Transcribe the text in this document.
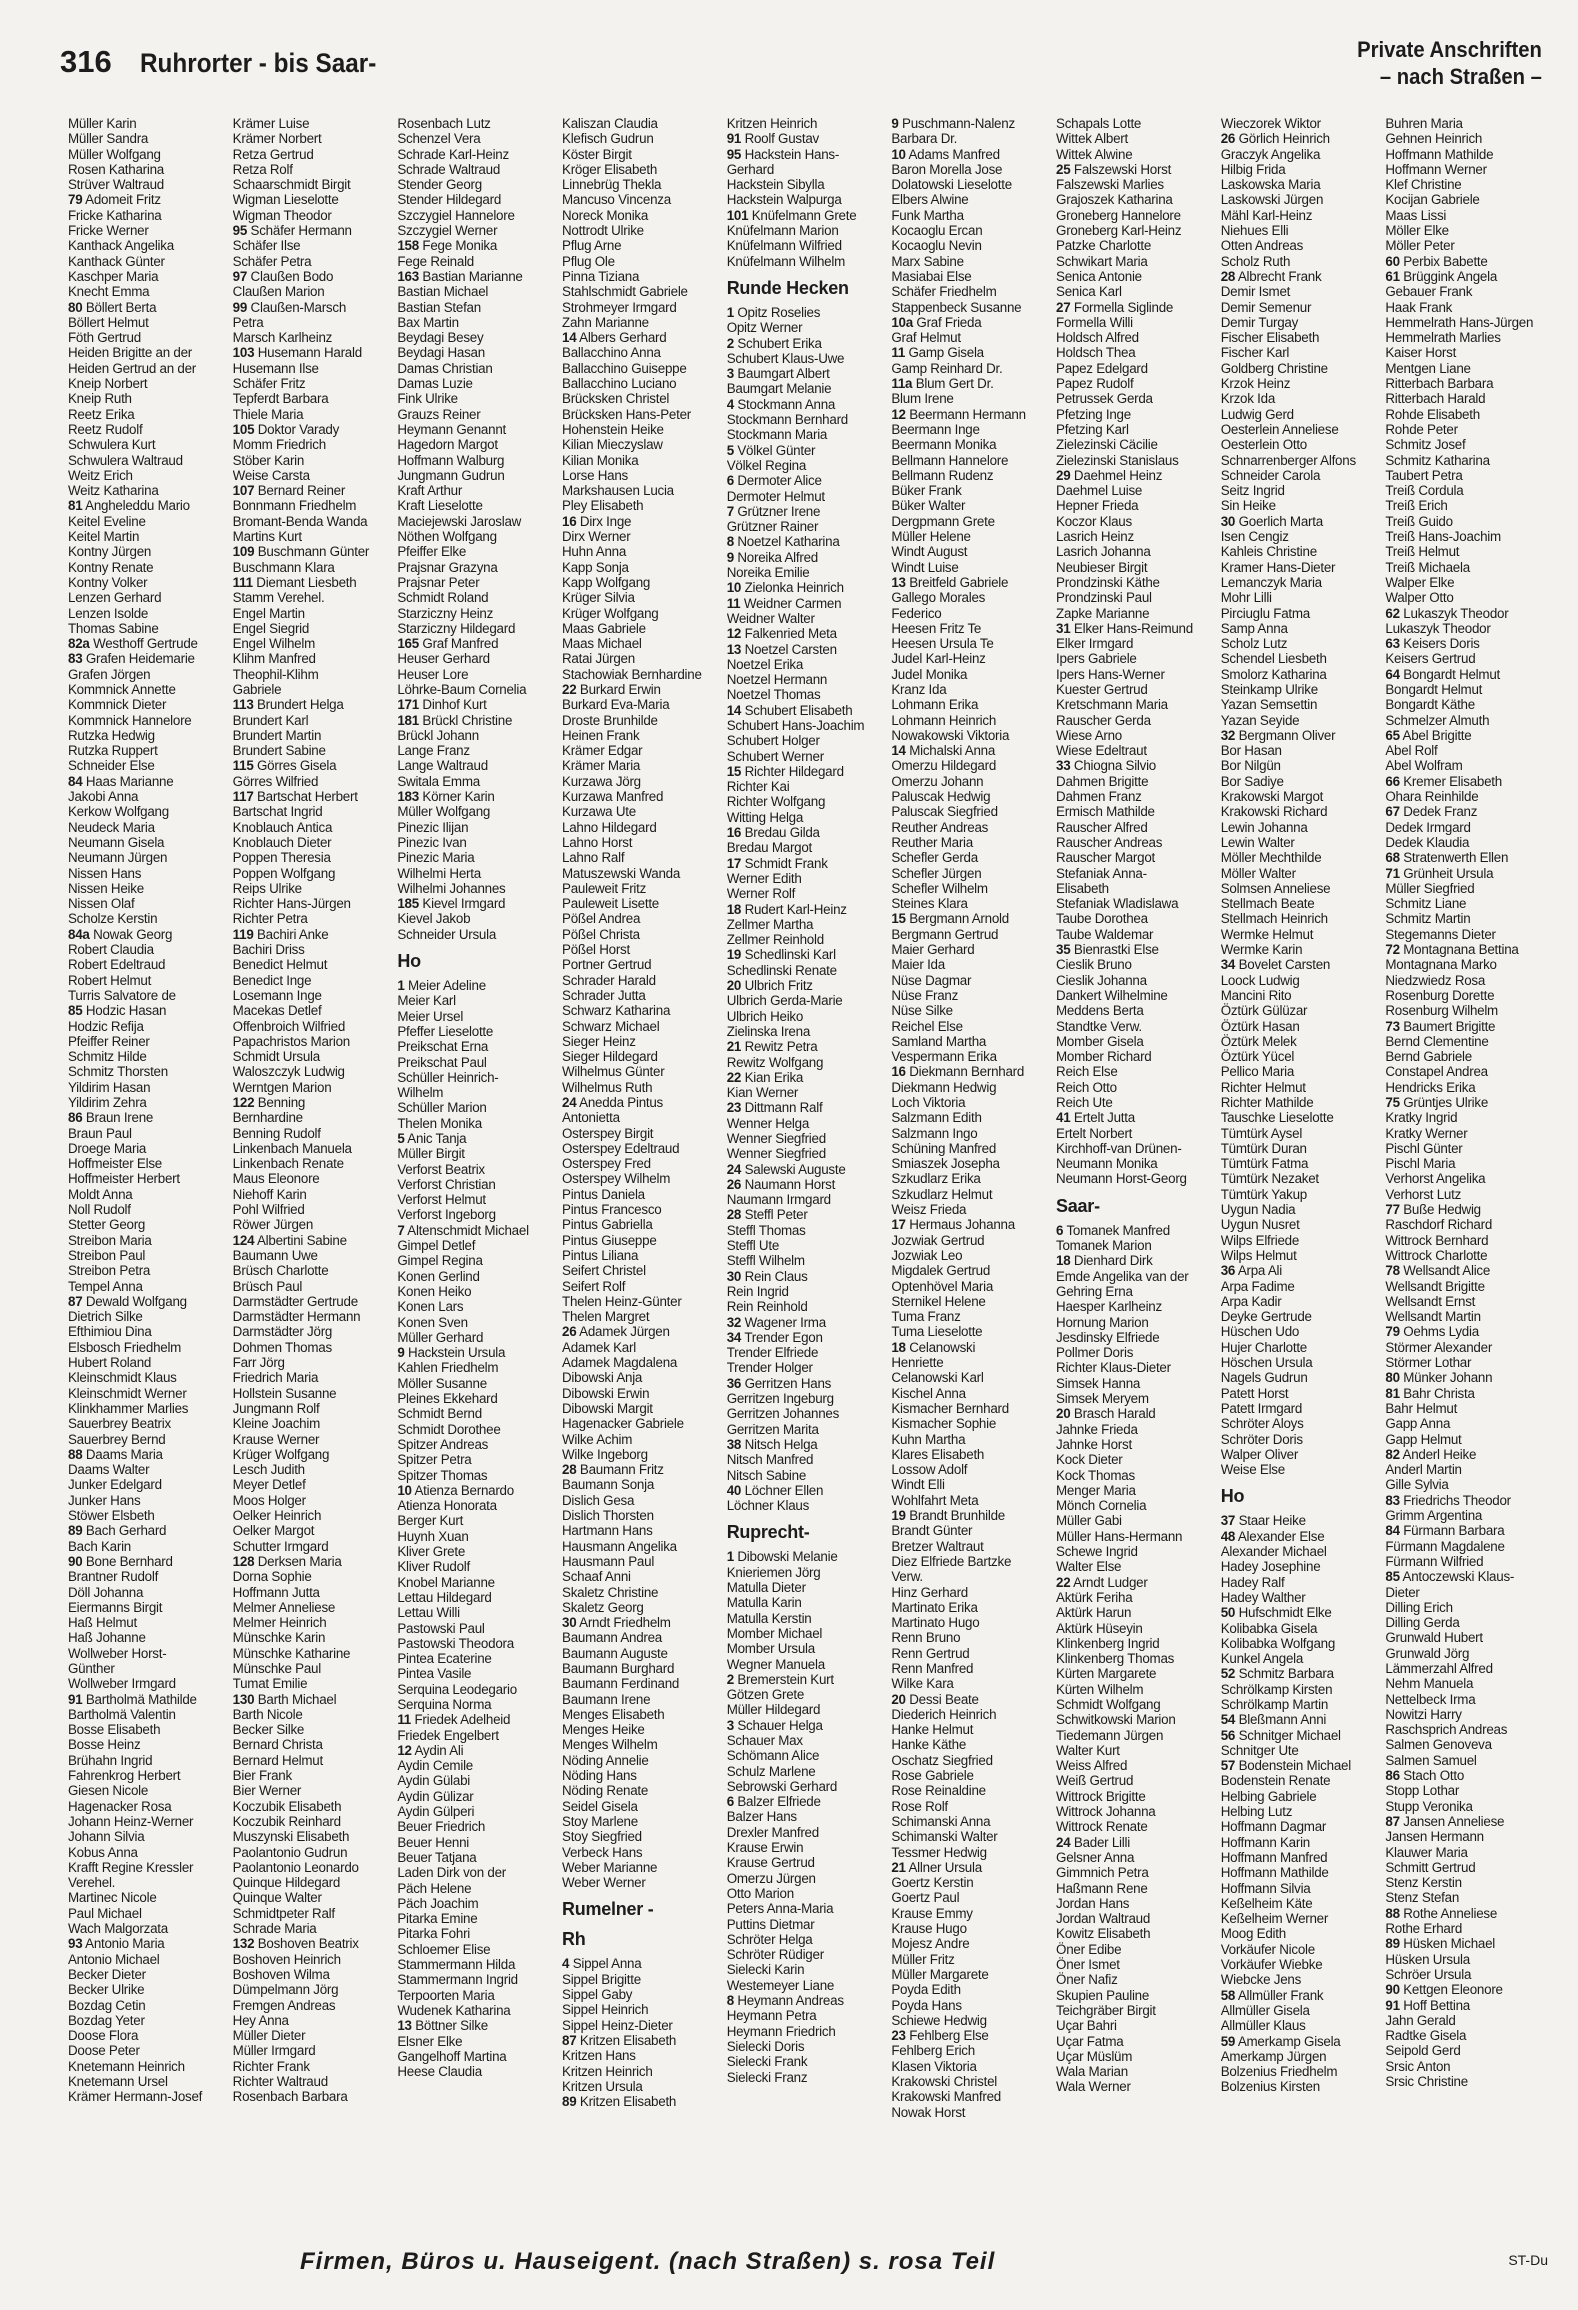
316 Ruhrorter - bis Saar-	Private Anschriften
– nach Straßen –
Müller Karin
Müller Sandra
Müller Wolfgang
Rosen Katharina
Strüver Waltraud
79 Adomeit Fritz
Fricke Katharina
Fricke Werner
Kanthack Angelika
Kanthack Günter
Kaschper Maria
Knecht Emma
80 Böllert Berta
Böllert Helmut
Föth Gertrud
Heiden Brigitte an der
Heiden Gertrud an der
Kneip Norbert
Kneip Ruth
Reetz Erika
Reetz Rudolf
Schwulera Kurt
Schwulera Waltraud
Weitz Erich
Weitz Katharina
81 Angheleddu Mario
Keitel Eveline
Keitel Martin
Kontny Jürgen
Kontny Renate
Kontny Volker
Lenzen Gerhard
Lenzen Isolde
Thomas Sabine
82a Westhoff Gertrude
83 Grafen Heidemarie
Grafen Jörgen
Kommnick Annette
Kommnick Dieter
Kommnick Hannelore
Rutzka Hedwig
Rutzka Ruppert
Schneider Else
84 Haas Marianne
Jakobi Anna
Kerkow Wolfgang
Neudeck Maria
Neumann Gisela
Neumann Jürgen
Nissen Hans
Nissen Heike
Nissen Olaf
Scholze Kerstin
84a Nowak Georg
Robert Claudia
Robert Edeltraud
Robert Helmut
Turris Salvatore de
85 Hodzic Hasan
Hodzic Refija
Pfeiffer Reiner
Schmitz Hilde
Schmitz Thorsten
Yildirim Hasan
Yildirim Zehra
86 Braun Irene
Braun Paul
Droege Maria
Hoffmeister Else
Hoffmeister Herbert
Moldt Anna
Noll Rudolf
Stetter Georg
Streibon Maria
Streibon Paul
Streibon Petra
Tempel Anna
87 Dewald Wolfgang
Dietrich Silke
Efthimiou Dina
Elsbosch Friedhelm
Hubert Roland
Kleinschmidt Klaus
Kleinschmidt Werner
Klinkhammer Marlies
Sauerbrey Beatrix
Sauerbrey Bernd
88 Daams Maria
Daams Walter
Junker Edelgard
Junker Hans
Stöwer Elsbeth
89 Bach Gerhard
Bach Karin
90 Bone Bernhard
Brantner Rudolf
Döll Johanna
Eiermanns Birgit
Haß Helmut
Haß Johanne
Wollweber Horst-
Günther
Wollweber Irmgard
91 Bartholmä Mathilde
Bartholmä Valentin
Bosse Elisabeth
Bosse Heinz
Brühahn Ingrid
Fahrenkrog Herbert
Giesen Nicole
Hagenacker Rosa
Johann Heinz-Werner
Johann Silvia
Kobus Anna
Krafft Regine Kressler
Verehel.
Martinec Nicole
Paul Michael
Wach Malgorzata
93 Antonio Maria
Antonio Michael
Becker Dieter
Becker Ulrike
Bozdag Cetin
Bozdag Yeter
Doose Flora
Doose Peter
Knetemann Heinrich
Knetemann Ursel
Krämer Hermann-Josef
Krämer Luise
Krämer Norbert
Retza Gertrud
Retza Rolf
Schaarschmidt Birgit
Wigman Lieselotte
Wigman Theodor
95 Schäfer Hermann
Schäfer Ilse
Schäfer Petra
97 Claußen Bodo
Claußen Marion
99 Claußen-Marsch
Petra
Marsch Karlheinz
103 Husemann Harald
Husemann Ilse
Schäfer Fritz
Tepferdt Barbara
Thiele Maria
105 Doktor Varady
Momm Friedrich
Stöber Karin
Weise Carsta
107 Bernard Reiner
Bonnmann Friedhelm
Bromant-Benda Wanda
Martins Kurt
109 Buschmann Günter
Buschmann Klara
111 Diemant Liesbeth
Stamm Verehel.
Engel Martin
Engel Siegrid
Engel Wilhelm
Klihm Manfred
Theophil-Klihm
Gabriele
113 Brundert Helga
Brundert Karl
Brundert Martin
Brundert Sabine
115 Görres Gisela
Görres Wilfried
117 Bartschat Herbert
Bartschat Ingrid
Knoblauch Antica
Knoblauch Dieter
Poppen Theresia
Poppen Wolfgang
Reips Ulrike
Richter Hans-Jürgen
Richter Petra
119 Bachiri Anke
Bachiri Driss
Benedict Helmut
Benedict Inge
Losemann Inge
Macekas Detlef
Offenbroich Wilfried
Papachristos Marion
Schmidt Ursula
Waloszczyk Ludwig
Werntgen Marion
122 Benning
Bernhardine
Benning Rudolf
Linkenbach Manuela
Linkenbach Renate
Maus Eleonore
Niehoff Karin
Pohl Wilfried
Röwer Jürgen
124 Albertini Sabine
Baumann Uwe
Brüsch Charlotte
Brüsch Paul
Darmstädter Gertrude
Darmstädter Hermann
Darmstädter Jörg
Dohmen Thomas
Farr Jörg
Friedrich Maria
Hollstein Susanne
Jungmann Rolf
Kleine Joachim
Krause Werner
Krüger Wolfgang
Lesch Judith
Meyer Detlef
Moos Holger
Oelker Heinrich
Oelker Margot
Schutter Irmgard
128 Derksen Maria
Dorna Sophie
Hoffmann Jutta
Melmer Anneliese
Melmer Heinrich
Münschke Karin
Münschke Katharine
Münschke Paul
Tumat Emilie
130 Barth Michael
Barth Nicole
Becker Silke
Bernard Christa
Bernard Helmut
Bier Frank
Bier Werner
Koczubik Elisabeth
Koczubik Reinhard
Muszynski Elisabeth
Paolantonio Gudrun
Paolantonio Leonardo
Quinque Hildegard
Quinque Walter
Schmidtpeter Ralf
Schrade Maria
132 Boshoven Beatrix
Boshoven Heinrich
Boshoven Wilma
Dümpelmann Jörg
Fremgen Andreas
Hey Anna
Müller Dieter
Müller Irmgard
Richter Frank
Richter Waltraud
Rosenbach Barbara
Rosenbach Lutz
Schenzel Vera
Schrade Karl-Heinz
Schrade Waltraud
Stender Georg
Stender Hildegard
Szczygiel Hannelore
Szczygiel Werner
158 Fege Monika
Fege Reinald
163 Bastian Marianne
Bastian Michael
Bastian Stefan
Bax Martin
Beydagi Besey
Beydagi Hasan
Damas Christian
Damas Luzie
Fink Ulrike
Grauzs Reiner
Heymann Genannt
Hagedorn Margot
Hoffmann Walburg
Jungmann Gudrun
Kraft Arthur
Kraft Lieselotte
Maciejewski Jaroslaw
Nöthen Wolfgang
Pfeiffer Elke
Prajsnar Grazyna
Prajsnar Peter
Schmidt Roland
Starziczny Heinz
Starziczny Hildegard
165 Graf Manfred
Heuser Gerhard
Heuser Lore
Löhrke-Baum Cornelia
171 Dinhof Kurt
181 Brückl Christine
Brückl Johann
Lange Franz
Lange Waltraud
Switala Emma
183 Körner Karin
Müller Wolfgang
Pinezic Ilijan
Pinezic Ivan
Pinezic Maria
Wilhelmi Herta
Wilhelmi Johannes
185 Kievel Irmgard
Kievel Jakob
Schneider Ursula
Ho
1 Meier Adeline
Meier Karl
Meier Ursel
Pfeffer Lieselotte
Preikschat Erna
Preikschat Paul
Schüller Heinrich-
Wilhelm
Schüller Marion
Thelen Monika
5 Anic Tanja
Müller Birgit
Verforst Beatrix
Verforst Christian
Verforst Helmut
Verforst Ingeborg
7 Altenschmidt Michael
Gimpel Detlef
Gimpel Regina
Konen Gerlind
Konen Heiko
Konen Lars
Konen Sven
Müller Gerhard
9 Hackstein Ursula
Kahlen Friedhelm
Möller Susanne
Pleines Ekkehard
Schmidt Bernd
Schmidt Dorothee
Spitzer Andreas
Spitzer Petra
Spitzer Thomas
10 Atienza Bernardo
Atienza Honorata
Berger Kurt
Huynh Xuan
Kliver Grete
Kliver Rudolf
Knobel Marianne
Lettau Hildegard
Lettau Willi
Pastowski Paul
Pastowski Theodora
Pintea Ecaterine
Pintea Vasile
Serquina Leodegario
Serquina Norma
11 Friedek Adelheid
Friedek Engelbert
12 Aydin Ali
Aydin Cemile
Aydin Gülabi
Aydin Gülizar
Aydin Gülperi
Beuer Friedrich
Beuer Henni
Beuer Tatjana
Laden Dirk von der
Päch Helene
Päch Joachim
Pitarka Emine
Pitarka Fohri
Schloemer Elise
Stammermann Hilda
Stammermann Ingrid
Terpoorten Maria
Wudenek Katharina
13 Böttner Silke
Elsner Elke
Gangelhoff Martina
Heese Claudia
Kaliszan Claudia
Klefisch Gudrun
Köster Birgit
Kröger Elisabeth
Linnebrüg Thekla
Mancuso Vincenza
Noreck Monika
Nottrodt Ulrike
Pflug Arne
Pflug Ole
Pinna Tiziana
Stahlschmidt Gabriele
Strohmeyer Irmgard
Zahn Marianne
14 Albers Gerhard
Ballacchino Anna
Ballacchino Guiseppe
Ballacchino Luciano
Brücksken Christel
Brücksken Hans-Peter
Hohenstein Heike
Kilian Mieczyslaw
Kilian Monika
Lorse Hans
Markshausen Lucia
Pley Elisabeth
16 Dirx Inge
Dirx Werner
Huhn Anna
Kapp Sonja
Kapp Wolfgang
Krüger Silvia
Krüger Wolfgang
Maas Gabriele
Maas Michael
Ratai Jürgen
Stachowiak Bernhardine
22 Burkard Erwin
Burkard Eva-Maria
Droste Brunhilde
Heinen Frank
Krämer Edgar
Krämer Maria
Kurzawa Jörg
Kurzawa Manfred
Kurzawa Ute
Lahno Hildegard
Lahno Horst
Lahno Ralf
Matuszewski Wanda
Pauleweit Fritz
Pauleweit Lisette
Pößel Andrea
Pößel Christa
Pößel Horst
Portner Gertrud
Schrader Harald
Schrader Jutta
Schwarz Katharina
Schwarz Michael
Sieger Heinz
Sieger Hildegard
Wilhelmus Günter
Wilhelmus Ruth
24 Anedda Pintus
Antonietta
Osterspey Birgit
Osterspey Edeltraud
Osterspey Fred
Osterspey Wilhelm
Pintus Daniela
Pintus Francesco
Pintus Gabriella
Pintus Giuseppe
Pintus Liliana
Seifert Christel
Seifert Rolf
Thelen Heinz-Günter
Thelen Margret
26 Adamek Jürgen
Adamek Karl
Adamek Magdalena
Dibowski Anja
Dibowski Erwin
Dibowski Margit
Hagenacker Gabriele
Wilke Achim
Wilke Ingeborg
28 Baumann Fritz
Baumann Sonja
Dislich Gesa
Dislich Thorsten
Hartmann Hans
Hausmann Angelika
Hausmann Paul
Schaaf Anni
Skaletz Christine
Skaletz Georg
30 Arndt Friedhelm
Baumann Andrea
Baumann Auguste
Baumann Burghard
Baumann Ferdinand
Baumann Irene
Menges Elisabeth
Menges Heike
Menges Wilhelm
Nöding Annelie
Nöding Hans
Nöding Renate
Seidel Gisela
Stoy Marlene
Stoy Siegfried
Verbeck Hans
Weber Marianne
Weber Werner
Rumelner -
Rh
4 Sippel Anna
Sippel Brigitte
Sippel Gaby
Sippel Heinrich
Sippel Heinz-Dieter
87 Kritzen Elisabeth
Kritzen Hans
Kritzen Heinrich
Kritzen Ursula
89 Kritzen Elisabeth
Kritzen Heinrich
91 Roolf Gustav
95 Hackstein Hans-
Gerhard
Hackstein Sibylla
Hackstein Walpurga
101 Knüfelmann Grete
Knüfelmann Marion
Knüfelmann Wilfried
Knüfelmann Wilhelm
Runde Hecken
1 Opitz Roselies
Opitz Werner
2 Schubert Erika
Schubert Klaus-Uwe
3 Baumgart Albert
Baumgart Melanie
4 Stockmann Anna
Stockmann Bernhard
Stockmann Maria
5 Völkel Günter
Völkel Regina
6 Dermoter Alice
Dermoter Helmut
7 Grützner Irene
Grützner Rainer
8 Noetzel Katharina
9 Noreika Alfred
Noreika Emilie
10 Zielonka Heinrich
11 Weidner Carmen
Weidner Walter
12 Falkenried Meta
13 Noetzel Carsten
Noetzel Erika
Noetzel Hermann
Noetzel Thomas
14 Schubert Elisabeth
Schubert Hans-Joachim
Schubert Holger
Schubert Werner
15 Richter Hildegard
Richter Kai
Richter Wolfgang
Witting Helga
16 Bredau Gilda
Bredau Margot
17 Schmidt Frank
Werner Edith
Werner Rolf
18 Rudert Karl-Heinz
Zellmer Martha
Zellmer Reinhold
19 Schedlinski Karl
Schedlinski Renate
20 Ulbrich Fritz
Ulbrich Gerda-Marie
Ulbrich Heiko
Zielinska Irena
21 Rewitz Petra
Rewitz Wolfgang
22 Kian Erika
Kian Werner
23 Dittmann Ralf
Wenner Helga
Wenner Siegfried
Wenner Siegfried
24 Salewski Auguste
26 Naumann Horst
Naumann Irmgard
28 Steffl Peter
Steffl Thomas
Steffl Ute
Steffl Wilhelm
30 Rein Claus
Rein Ingrid
Rein Reinhold
32 Wagener Irma
34 Trender Egon
Trender Elfriede
Trender Holger
36 Gerritzen Hans
Gerritzen Ingeburg
Gerritzen Johannes
Gerritzen Marita
38 Nitsch Helga
Nitsch Manfred
Nitsch Sabine
40 Löchner Ellen
Löchner Klaus
Ruprecht-
1 Dibowski Melanie
Knieriemen Jörg
Matulla Dieter
Matulla Karin
Matulla Kerstin
Momber Michael
Momber Ursula
Wegner Manuela
2 Bremerstein Kurt
Götzen Grete
Müller Hildegard
3 Schauer Helga
Schauer Max
Schömann Alice
Schulz Marlene
Sebrowski Gerhard
6 Balzer Elfriede
Balzer Hans
Drexler Manfred
Krause Erwin
Krause Gertrud
Omerzu Jürgen
Otto Marion
Peters Anna-Maria
Puttins Dietmar
Schröter Helga
Schröter Rüdiger
Sielecki Karin
Westemeyer Liane
8 Heymann Andreas
Heymann Petra
Heymann Friedrich
Sielecki Doris
Sielecki Frank
Sielecki Franz
9 Puschmann-Nalenz
Barbara Dr.
10 Adams Manfred
Baron Morella Jose
Dolatowski Lieselotte
Elbers Alwine
Funk Martha
Kocaoglu Ercan
Kocaoglu Nevin
Marx Sabine
Masiabai Else
Schäfer Friedhelm
Stappenbeck Susanne
10a Graf Frieda
Graf Helmut
11 Gamp Gisela
Gamp Reinhard Dr.
11a Blum Gert Dr.
Blum Irene
12 Beermann Hermann
Beermann Inge
Beermann Monika
Bellmann Hannelore
Bellmann Rudenz
Büker Frank
Büker Walter
Dergpmann Grete
Müller Helene
Windt August
Windt Luise
13 Breitfeld Gabriele
Gallego Morales
Federico
Heesen Fritz Te
Heesen Ursula Te
Judel Karl-Heinz
Judel Monika
Kranz Ida
Lohmann Erika
Lohmann Heinrich
Nowakowski Viktoria
14 Michalski Anna
Omerzu Hildegard
Omerzu Johann
Paluscak Hedwig
Paluscak Siegfried
Reuther Andreas
Reuther Maria
Schefler Gerda
Schefler Jürgen
Schefler Wilhelm
Steines Klara
15 Bergmann Arnold
Bergmann Gertrud
Maier Gerhard
Maier Ida
Nüse Dagmar
Nüse Franz
Nüse Silke
Reichel Else
Samland Martha
Vespermann Erika
16 Diekmann Bernhard
Diekmann Hedwig
Loch Viktoria
Salzmann Edith
Salzmann Ingo
Schüning Manfred
Smiaszek Josepha
Szkudlarz Erika
Szkudlarz Helmut
Weisz Frieda
17 Hermaus Johanna
Jozwiak Gertrud
Jozwiak Leo
Migdalek Gertrud
Optenhövel Maria
Sternikel Helene
Tuma Franz
Tuma Lieselotte
18 Celanowski
Henriette
Celanowski Karl
Kischel Anna
Kismacher Bernhard
Kismacher Sophie
Kuhn Martha
Klares Elisabeth
Lossow Adolf
Windt Elli
Wohlfahrt Meta
19 Brandt Brunhilde
Brandt Günter
Bretzer Waltraut
Diez Elfriede Bartzke
Verw.
Hinz Gerhard
Martinato Erika
Martinato Hugo
Renn Bruno
Renn Gertrud
Renn Manfred
Wilke Kara
20 Dessi Beate
Diederich Heinrich
Hanke Helmut
Hanke Käthe
Oschatz Siegfried
Rose Gabriele
Rose Reinaldine
Rose Rolf
Schimanski Anna
Schimanski Walter
Tessmer Hedwig
21 Allner Ursula
Goertz Kerstin
Goertz Paul
Krause Emmy
Krause Hugo
Mojesz Andre
Müller Fritz
Müller Margarete
Poyda Edith
Poyda Hans
Schiewe Hedwig
23 Fehlberg Else
Fehlberg Erich
Klasen Viktoria
Krakowski Christel
Krakowski Manfred
Nowak Horst
Schapals Lotte
Wittek Albert
Wittek Alwine
25 Falszewski Horst
Falszewski Marlies
Grajoszek Katharina
Groneberg Hannelore
Groneberg Karl-Heinz
Patzke Charlotte
Schwikart Maria
Senica Antonie
Senica Karl
27 Formella Siglinde
Formella Willi
Holdsch Alfred
Holdsch Thea
Papez Edelgard
Papez Rudolf
Petrussek Gerda
Pfetzing Inge
Pfetzing Karl
Zielezinski Cäcilie
Zielezinski Stanislaus
29 Daehmel Heinz
Daehmel Luise
Hepner Frieda
Koczor Klaus
Lasrich Heinz
Lasrich Johanna
Neubieser Birgit
Prondzinski Käthe
Prondzinski Paul
Zapke Marianne
31 Elker Hans-Reimund
Elker Irmgard
Ipers Gabriele
Ipers Hans-Werner
Kuester Gertrud
Kretschmann Maria
Rauscher Gerda
Wiese Arno
Wiese Edeltraut
33 Chiogna Silvio
Dahmen Brigitte
Dahmen Franz
Ermisch Mathilde
Rauscher Alfred
Rauscher Andreas
Rauscher Margot
Stefaniak Anna-
Elisabeth
Stefaniak Wladislawa
Taube Dorothea
Taube Waldemar
35 Bienrastki Else
Cieslik Bruno
Cieslik Johanna
Dankert Wilhelmine
Meddens Berta
Standtke Verw.
Momber Gisela
Momber Richard
Reich Else
Reich Otto
Reich Ute
41 Ertelt Jutta
Ertelt Norbert
Kirchhoff-van Drünen-
Neumann Monika
Neumann Horst-Georg
Saar-
6 Tomanek Manfred
Tomanek Marion
18 Dienhard Dirk
Emde Angelika van der
Gehring Erna
Haesper Karlheinz
Hornung Marion
Jesdinsky Elfriede
Pollmer Doris
Richter Klaus-Dieter
Simsek Hanna
Simsek Meryem
20 Brasch Harald
Jahnke Frieda
Jahnke Horst
Kock Dieter
Kock Thomas
Menger Maria
Mönch Cornelia
Müller Gabi
Müller Hans-Hermann
Schewe Ingrid
Walter Else
22 Arndt Ludger
Aktürk Feriha
Aktürk Harun
Aktürk Hüseyin
Klinkenberg Ingrid
Klinkenberg Thomas
Kürten Margarete
Kürten Wilhelm
Schmidt Wolfgang
Schwitkowski Marion
Tiedemann Jürgen
Walter Kurt
Weiss Alfred
Weiß Gertrud
Wittrock Brigitte
Wittrock Johanna
Wittrock Renate
24 Bader Lilli
Gelsner Anna
Gimmnich Petra
Haßmann Rene
Jordan Hans
Jordan Waltraud
Kowitz Elisabeth
Öner Edibe
Öner Ismet
Öner Nafiz
Skupien Pauline
Teichgräber Birgit
Uçar Bahri
Uçar Fatma
Uçar Müslüm
Wala Marian
Wala Werner
Wieczorek Wiktor
26 Görlich Heinrich
Graczyk Angelika
Hilbig Frida
Laskowska Maria
Laskowski Jürgen
Mähl Karl-Heinz
Niehues Elli
Otten Andreas
Scholz Ruth
28 Albrecht Frank
Demir Ismet
Demir Semenur
Demir Turgay
Fischer Elisabeth
Fischer Karl
Goldberg Christine
Krzok Heinz
Krzok Ida
Ludwig Gerd
Oesterlein Anneliese
Oesterlein Otto
Schnarrenberger Alfons
Schneider Carola
Seitz Ingrid
Sin Heike
30 Goerlich Marta
Isen Cengiz
Kahleis Christine
Kramer Hans-Dieter
Lemanczyk Maria
Mohr Lilli
Pirciuglu Fatma
Samp Anna
Scholz Lutz
Schendel Liesbeth
Smolorz Katharina
Steinkamp Ulrike
Yazan Semsettin
Yazan Seyide
32 Bergmann Oliver
Bor Hasan
Bor Nilgün
Bor Sadiye
Krakowski Margot
Krakowski Richard
Lewin Johanna
Lewin Walter
Möller Mechthilde
Möller Walter
Solmsen Anneliese
Stellmach Beate
Stellmach Heinrich
Wermke Helmut
Wermke Karin
34 Bovelet Carsten
Loock Ludwig
Mancini Rito
Öztürk Gülüzar
Öztürk Hasan
Öztürk Melek
Öztürk Yücel
Pellico Maria
Richter Helmut
Richter Mathilde
Tauschke Lieselotte
Tümtürk Aysel
Tümtürk Duran
Tümtürk Fatma
Tümtürk Nezaket
Tümtürk Yakup
Uygun Nadia
Uygun Nusret
Wilps Elfriede
Wilps Helmut
36 Arpa Ali
Arpa Fadime
Arpa Kadir
Deyke Gertrude
Hüschen Udo
Hujer Charlotte
Höschen Ursula
Nagels Gudrun
Patett Horst
Patett Irmgard
Schröter Aloys
Schröter Doris
Walper Oliver
Weise Else
Ho
37 Staar Heike
48 Alexander Else
Alexander Michael
Hadey Josephine
Hadey Ralf
Hadey Walther
50 Hufschmidt Elke
Kolibabka Gisela
Kolibabka Wolfgang
Kunkel Angela
52 Schmitz Barbara
Schrölkamp Kirsten
Schrölkamp Martin
54 Bleßmann Anni
56 Schnitger Michael
Schnitger Ute
57 Bodenstein Michael
Bodenstein Renate
Helbing Gabriele
Helbing Lutz
Hoffmann Dagmar
Hoffmann Karin
Hoffmann Manfred
Hoffmann Mathilde
Hoffmann Silvia
Keßelheim Käte
Keßelheim Werner
Moog Edith
Vorkäufer Nicole
Vorkäufer Wiebke
Wiebcke Jens
58 Allmüller Frank
Allmüller Gisela
Allmüller Klaus
59 Amerkamp Gisela
Amerkamp Jürgen
Bolzenius Friedhelm
Bolzenius Kirsten
Buhren Maria
Gehnen Heinrich
Hoffmann Mathilde
Hoffmann Werner
Klef Christine
Kocijan Gabriele
Maas Lissi
Möller Elke
Möller Peter
60 Perbix Babette
61 Brüggink Angela
Gebauer Frank
Haak Frank
Hemmelrath Hans-Jürgen
Hemmelrath Marlies
Kaiser Horst
Mentgen Liane
Ritterbach Barbara
Ritterbach Harald
Rohde Elisabeth
Rohde Peter
Schmitz Josef
Schmitz Katharina
Taubert Petra
Treiß Cordula
Treiß Erich
Treiß Guido
Treiß Hans-Joachim
Treiß Helmut
Treiß Michaela
Walper Elke
Walper Otto
62 Lukaszyk Theodor
Lukaszyk Theodor
63 Keisers Doris
Keisers Gertrud
64 Bongardt Helmut
Bongardt Helmut
Bongardt Käthe
Schmelzer Almuth
65 Abel Brigitte
Abel Rolf
Abel Wolfram
66 Kremer Elisabeth
Ohara Reinhilde
67 Dedek Franz
Dedek Irmgard
Dedek Klaudia
68 Stratenwerth Ellen
71 Grünheit Ursula
Müller Siegfried
Schmitz Liane
Schmitz Martin
Stegemanns Dieter
72 Montagnana Bettina
Montagnana Marko
Niedzwiedz Rosa
Rosenburg Dorette
Rosenburg Wilhelm
73 Baumert Brigitte
Bernd Clementine
Bernd Gabriele
Constapel Andrea
Hendricks Erika
75 Grüntjes Ulrike
Kratky Ingrid
Kratky Werner
Pischl Günter
Pischl Maria
Verhorst Angelika
Verhorst Lutz
77 Buße Hedwig
Raschdorf Richard
Wittrock Bernhard
Wittrock Charlotte
78 Wellsandt Alice
Wellsandt Brigitte
Wellsandt Ernst
Wellsandt Martin
79 Oehms Lydia
Störmer Alexander
Störmer Lothar
80 Münker Johann
81 Bahr Christa
Bahr Helmut
Gapp Anna
Gapp Helmut
82 Anderl Heike
Anderl Martin
Gille Sylvia
83 Friedrichs Theodor
Grimm Argentina
84 Fürmann Barbara
Fürmann Magdalene
Fürmann Wilfried
85 Antoczewski Klaus-
Dieter
Dilling Erich
Dilling Gerda
Grunwald Hubert
Grunwald Jörg
Lämmerzahl Alfred
Nehm Manuela
Nettelbeck Irma
Nowitzi Harry
Raschsprich Andreas
Salmen Genoveva
Salmen Samuel
86 Stach Otto
Stopp Lothar
Stupp Veronika
87 Jansen Anneliese
Jansen Hermann
Klauwer Maria
Schmitt Gertrud
Stenz Kerstin
Stenz Stefan
88 Rothe Anneliese
Rothe Erhard
89 Hüsken Michael
Hüsken Ursula
Schröer Ursula
90 Kettgen Eleonore
91 Hoff Bettina
Jahn Gerald
Radtke Gisela
Seipold Gerd
Srsic Anton
Srsic Christine
Firmen, Büros u. Hauseigent. (nach Straßen) s. rosa Teil	ST-Du
